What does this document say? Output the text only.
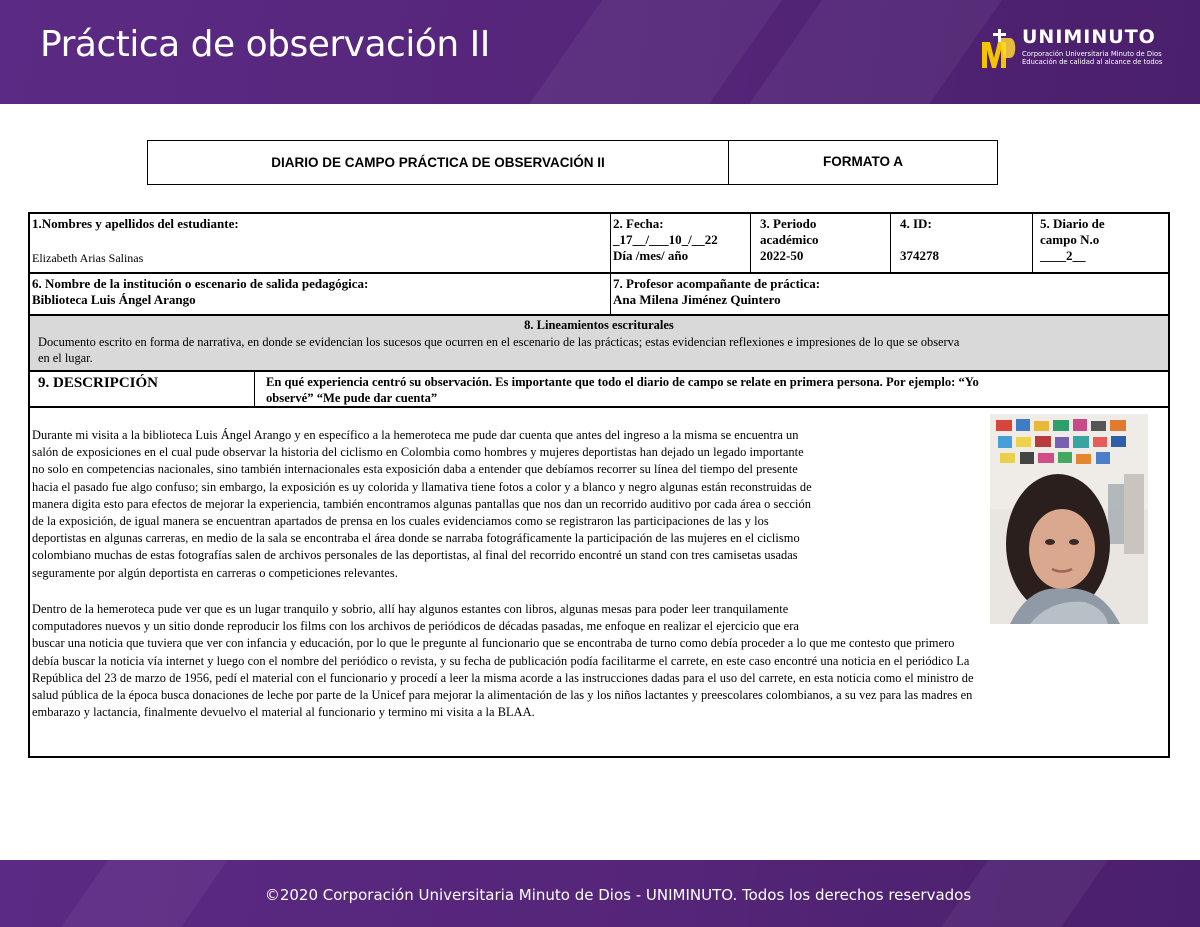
Práctica de observación II	UNIMINUTO
Corporación Universitaria Minuto de Dios
Educación de calidad al alcance de todos
DIARIO DE CAMPO PRÁCTICA DE OBSERVACIÓN II	FORMATO A
1.Nombres y apellidos del estudiante:
Elizabeth Arias Salinas
2. Fecha:
_17__/___10_/__22
Día /mes/ año
3. Periodo
académico
2022-50
4. ID:
374278
5. Diario de
campo N.o
____2__
6. Nombre de la institución o escenario de salida pedagógica:
Biblioteca Luis Ángel Arango
7. Profesor acompañante de práctica:
Ana Milena Jiménez Quintero
8. Lineamientos escriturales
Documento escrito en forma de narrativa, en donde se evidencian los sucesos que ocurren en el escenario de las prácticas; estas evidencian reflexiones e impresiones de lo que se observa
en el lugar.
9. DESCRIPCIÓN	En qué experiencia centró su observación. Es importante que todo el diario de campo se relate en primera persona. Por ejemplo: “Yo
observé” “Me pude dar cuenta”
Durante mi visita a la biblioteca Luis Ángel Arango y en específico a la hemeroteca me pude dar cuenta que antes del ingreso a la misma se encuentra un
salón de exposiciones en el cual pude observar la historia del ciclismo en Colombia como hombres y mujeres deportistas han dejado un legado importante
no solo en competencias nacionales, sino también internacionales esta exposición daba a entender que debíamos recorrer su línea del tiempo del presente
hacia el pasado fue algo confuso; sin embargo, la exposición es uy colorida y llamativa tiene fotos a color y a blanco y negro algunas están reconstruidas de
manera digita esto para efectos de mejorar la experiencia, también encontramos algunas pantallas que nos dan un recorrido auditivo por cada área o sección
de la exposición, de igual manera se encuentran apartados de prensa en los cuales evidenciamos como se registraron las participaciones de las y los
deportistas en algunas carreras, en medio de la sala se encontraba el área donde se narraba fotográficamente la participación de las mujeres en el ciclismo
colombiano muchas de estas fotografías salen de archivos personales de las deportistas, al final del recorrido encontré un stand con tres camisetas usadas
seguramente por algún deportista en carreras o competiciones relevantes.
Dentro de la hemeroteca pude ver que es un lugar tranquilo y sobrio, allí hay algunos estantes con libros, algunas mesas para poder leer tranquilamente
computadores nuevos y un sitio donde reproducir los films con los archivos de periódicos de décadas pasadas, me enfoque en realizar el ejercicio que era
buscar una noticia que tuviera que ver con infancia y educación, por lo que le pregunte al funcionario que se encontraba de turno como debía proceder a lo que me contesto que primero
debía buscar la noticia vía internet y luego con el nombre del periódico o revista, y su fecha de publicación podía facilitarme el carrete, en este caso encontré una noticia en el periódico La
República del 23 de marzo de 1956, pedí el material con el funcionario y procedí a leer la misma acorde a las instrucciones dadas para el uso del carrete, en esta noticia como el ministro de
salud pública de la época busca donaciones de leche por parte de la Unicef para mejorar la alimentación de las y los niños lactantes y preescolares colombianos, a su vez para las madres en
embarazo y lactancia, finalmente devuelvo el material al funcionario y termino mi visita a la BLAA.
©2020 Corporación Universitaria Minuto de Dios - UNIMINUTO. Todos los derechos reservados
